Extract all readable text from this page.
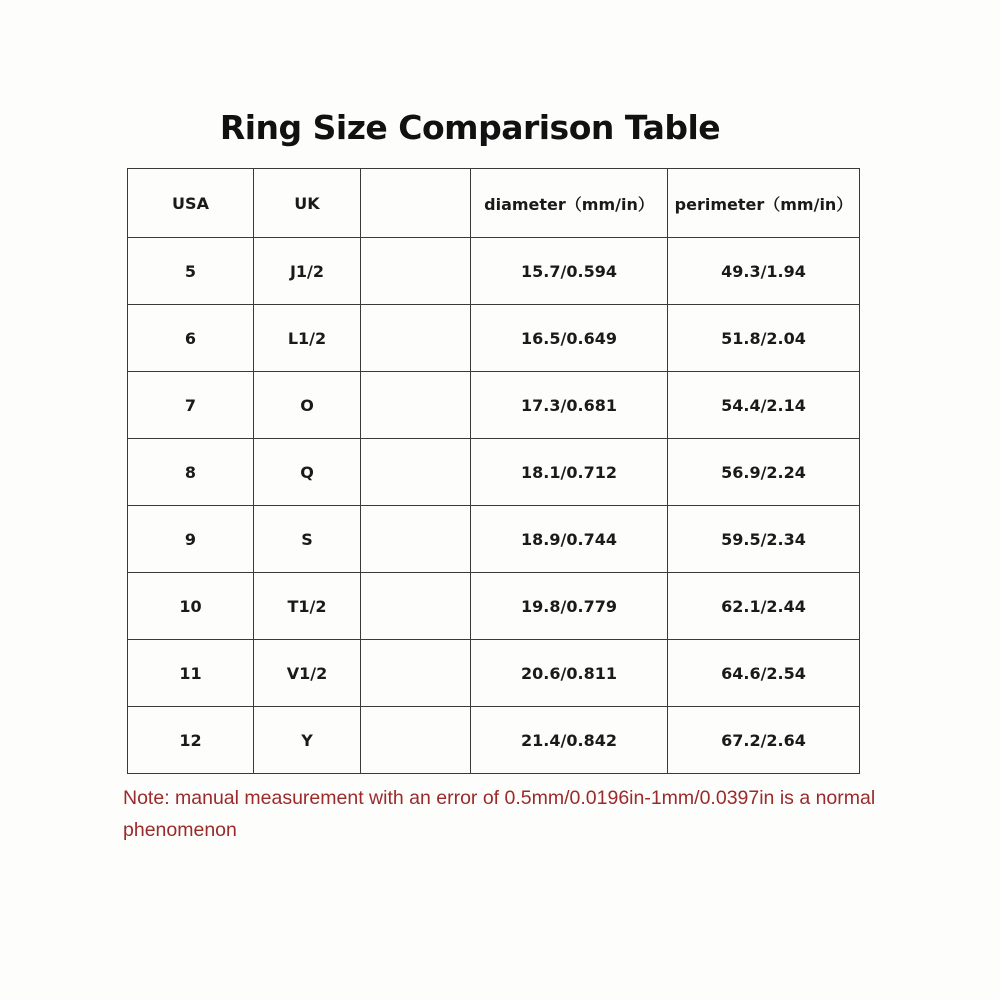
Ring Size Comparison Table
USA	UK		diameter（mm/in）	perimeter（mm/in）
5	J1/2		15.7/0.594	49.3/1.94
6	L1/2		16.5/0.649	51.8/2.04
7	O		17.3/0.681	54.4/2.14
8	Q		18.1/0.712	56.9/2.24
9	S		18.9/0.744	59.5/2.34
10	T1/2		19.8/0.779	62.1/2.44
11	V1/2		20.6/0.811	64.6/2.54
12	Y		21.4/0.842	67.2/2.64
Note: manual measurement with an error of 0.5mm/0.0196in-1mm/0.0397in is a normal phenomenon
